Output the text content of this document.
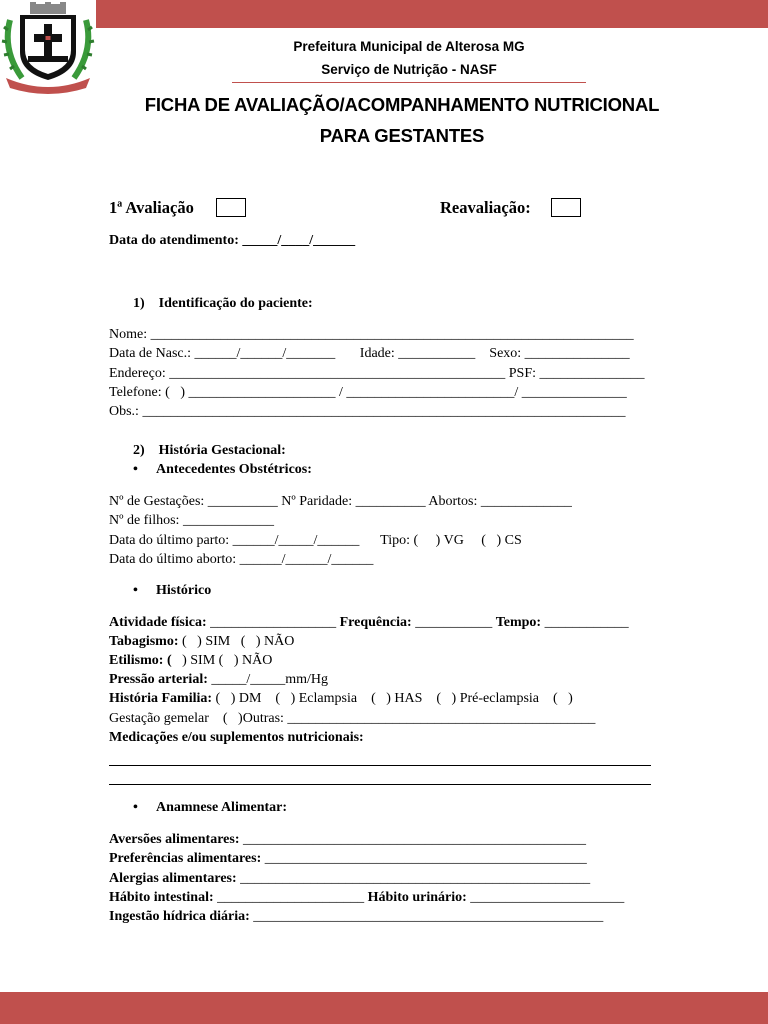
ALTEROSA
Prefeitura Municipal de Alterosa MG
Serviço de Nutrição - NASF
FICHA DE AVALIAÇÃO/ACOMPANHAMENTO NUTRICIONAL
PARA GESTANTES
1ª Avaliação	Reavaliação:
Data do atendimento: _____/____/______
1)    Identificação do paciente:
Nome: _____________________________________________________________________
Data de Nasc.: ______/______/_______       Idade: ___________    Sexo: _______________
Endereço: ________________________________________________ PSF: _______________
Telefone: (   ) _____________________ / ________________________/ _______________
Obs.: _____________________________________________________________________
2)    História Gestacional:
• Antecedentes Obstétricos:
Nº de Gestações: __________ Nº Paridade: __________ Abortos: _____________
Nº de filhos: _____________
Data do último parto: ______/_____/______      Tipo: (     ) VG     (   ) CS
Data do último aborto: ______/______/______
• Histórico
Atividade física: __________________ Frequência: ___________ Tempo: ____________
Tabagismo: (   ) SIM   (   ) NÃO
Etilismo: (   ) SIM (   ) NÃO
Pressão arterial: _____/_____mm/Hg
História Familia: (   ) DM    (   ) Eclampsia    (   ) HAS    (   ) Pré-eclampsia    (   )
Gestação gemelar    (   )Outras: ____________________________________________
Medicações e/ou suplementos nutricionais:
• Anamnese Alimentar:
Aversões alimentares: _________________________________________________
Preferências alimentares: ______________________________________________
Alergias alimentares: __________________________________________________
Hábito intestinal: _____________________ Hábito urinário: ______________________
Ingestão hídrica diária: __________________________________________________
